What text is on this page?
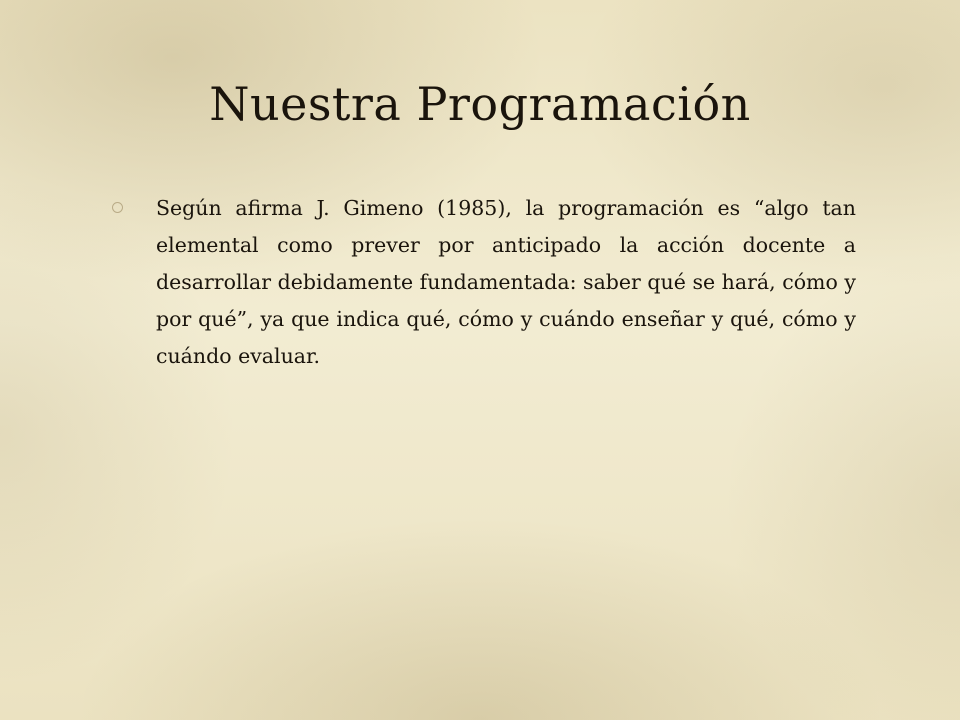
Nuestra Programación
Según afirma J. Gimeno (1985), la programación es “algo tan elemental como prever por anticipado la acción docente a desarrollar debidamente fundamentada: saber qué se hará, cómo y por qué”, ya que indica qué, cómo y cuándo enseñar y qué, cómo y cuándo evaluar.
